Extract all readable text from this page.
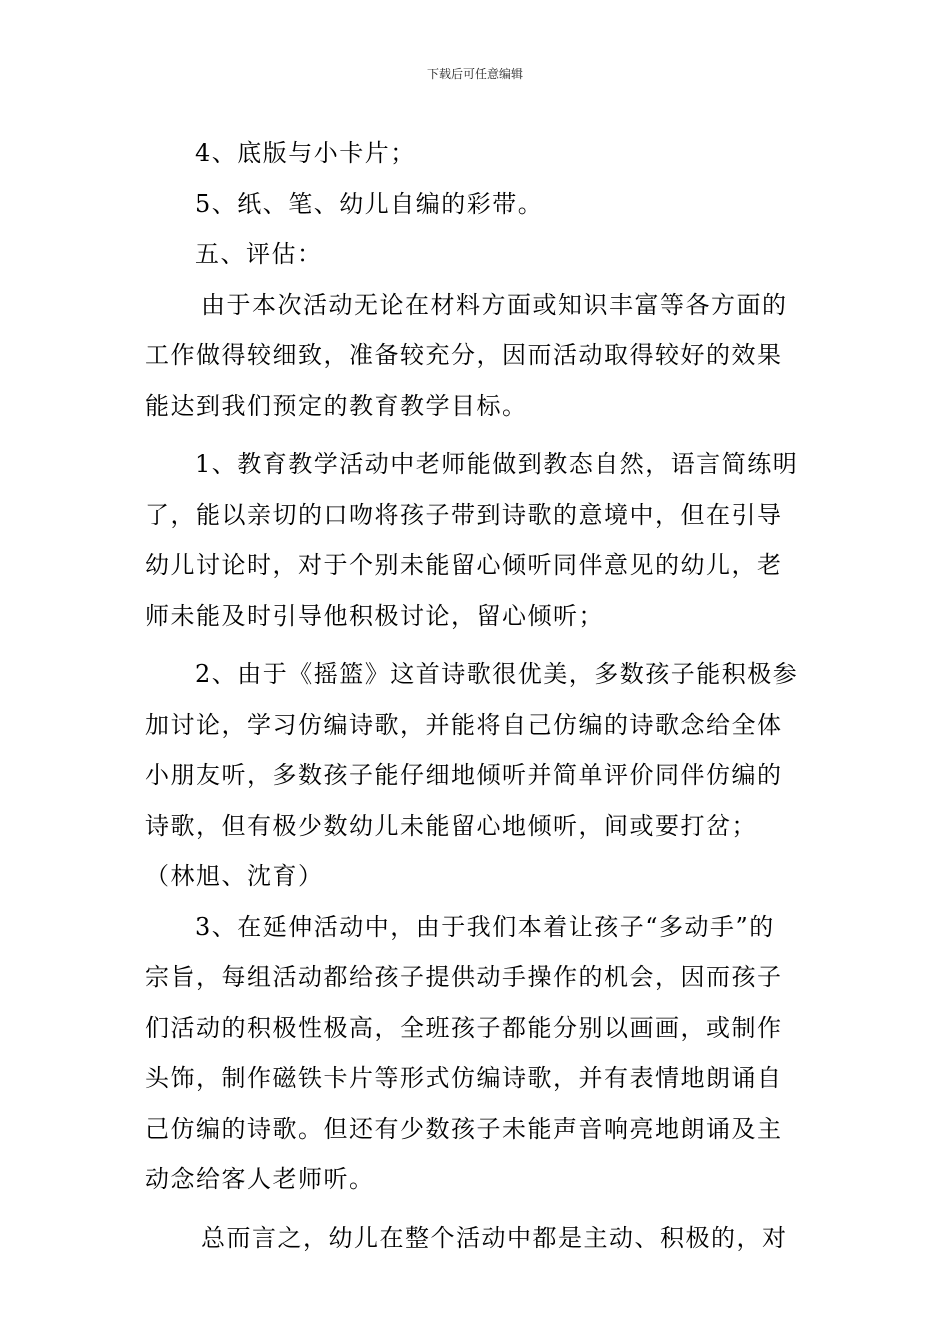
下载后可任意编辑

4、底版与小卡片；

5、纸、笔、幼儿自编的彩带。

五、评估：

由于本次活动无论在材料方面或知识丰富等各方面的

工作做得较细致，准备较充分，因而活动取得较好的效果

能达到我们预定的教育教学目标。

1、教育教学活动中老师能做到教态自然，语言简练明

了，能以亲切的口吻将孩子带到诗歌的意境中，但在引导

幼儿讨论时，对于个别未能留心倾听同伴意见的幼儿，老

师未能及时引导他积极讨论，留心倾听；

2、由于《摇篮》这首诗歌很优美，多数孩子能积极参

加讨论，学习仿编诗歌，并能将自己仿编的诗歌念给全体

小朋友听，多数孩子能仔细地倾听并简单评价同伴仿编的

诗歌，但有极少数幼儿未能留心地倾听，间或要打岔；

（林旭、沈育）

3、在延伸活动中，由于我们本着让孩子“多动手”的

宗旨，每组活动都给孩子提供动手操作的机会，因而孩子

们活动的积极性极高，全班孩子都能分别以画画，或制作

头饰，制作磁铁卡片等形式仿编诗歌，并有表情地朗诵自

己仿编的诗歌。但还有少数孩子未能声音响亮地朗诵及主

动念给客人老师听。

总而言之，幼儿在整个活动中都是主动、积极的，对
